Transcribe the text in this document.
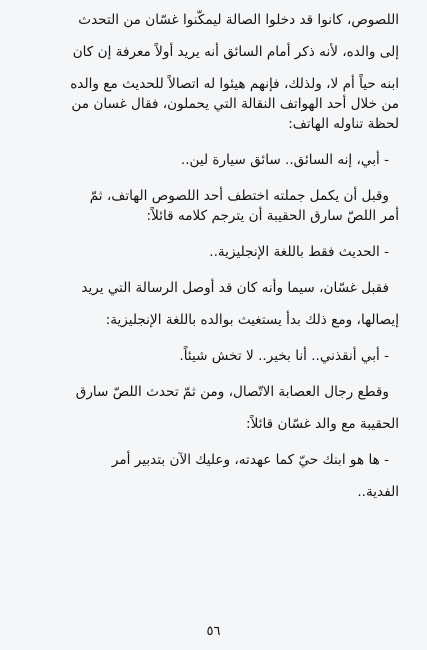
اللصوص، كانوا قد دخلوا الصالة ليمكّنوا غسّان من التحدث
إلى والده، لأنه ذكر أمام السائق أنه يريد أولاً معرفة إن كان
ابنه حياً أم لا، ولذلك، فإنهم هيئوا له اتصالاً للحديث مع والده
من خلال أحد الهواتف النقالة التي يحملون، فقال غسان من
لحظة تناوله الهاتف:
- أبي، إنه السائق.. سائق سيارة لين..
وقبل أن يكمل جملته اختطف أحد اللصوص الهاتف، ثمّ
أمر اللصّ سارق الحقيبة أن يترجم كلامه قائلاً:
- الحديث فقط باللغة الإنجليزية..
فقبل غسّان، سيما وأنه كان قد أوصل الرسالة التي يريد
إيصالها، ومع ذلك بدأ يستغيث بوالده باللغة الإنجليزية:
- أبي أنقذني.. أنا بخير.. لا تخش شيئاً.
وقطع رجال العصابة الاتّصال، ومن ثمّ تحدث اللصّ سارق
الحقيبة مع والد غسّان قائلاً:
- ها هو ابنك حيّ كما عهدته، وعليك الآن بتدبير أمر
الفدية..
٥٦
